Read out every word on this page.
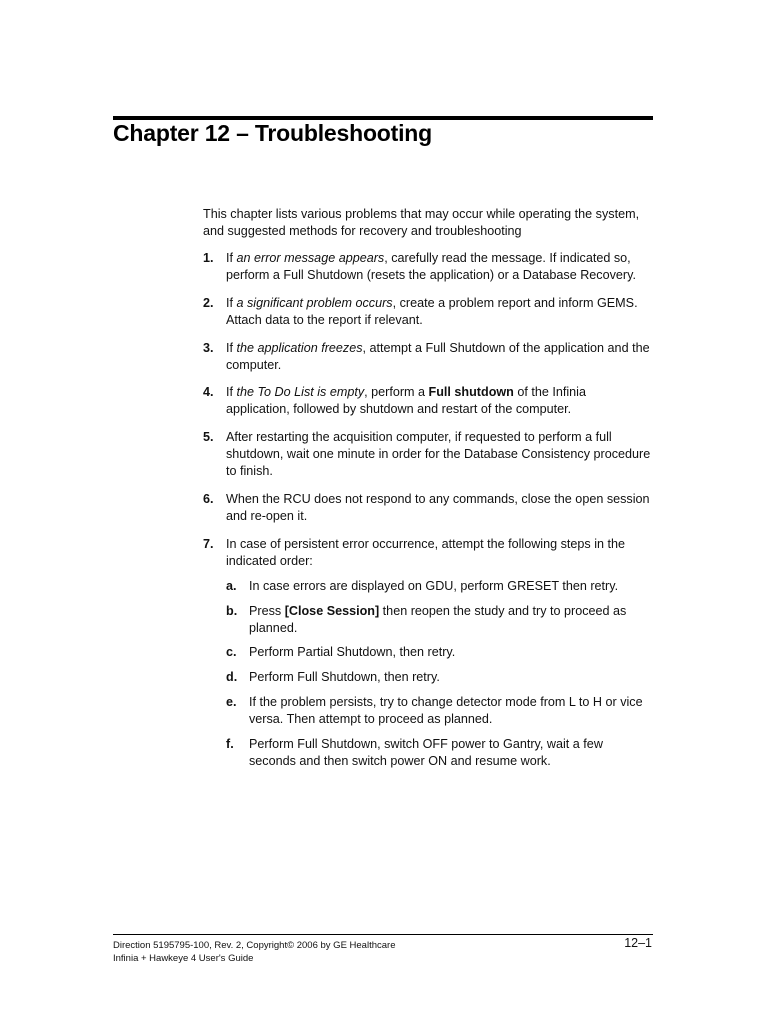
Chapter 12 – Troubleshooting

This chapter lists various problems that may occur while operating the system, and suggested methods for recovery and troubleshooting

1. If an error message appears, carefully read the message. If indicated so, perform a Full Shutdown (resets the application) or a Database Recovery.
2. If a significant problem occurs, create a problem report and inform GEMS. Attach data to the report if relevant.
3. If the application freezes, attempt a Full Shutdown of the application and the computer.
4. If the To Do List is empty, perform a Full shutdown of the Infinia application, followed by shutdown and restart of the computer.
5. After restarting the acquisition computer, if requested to perform a full shutdown, wait one minute in order for the Database Consistency procedure to finish.
6. When the RCU does not respond to any commands, close the open session and re-open it.
7. In case of persistent error occurrence, attempt the following steps in the indicated order:
a. In case errors are displayed on GDU, perform GRESET then retry.
b. Press [Close Session] then reopen the study and try to proceed as planned.
c. Perform Partial Shutdown, then retry.
d. Perform Full Shutdown, then retry.
e. If the problem persists, try to change detector mode from L to H or vice versa. Then attempt to proceed as planned.
f. Perform Full Shutdown, switch OFF power to Gantry, wait a few seconds and then switch power ON and resume work.
Direction 5195795-100, Rev. 2, Copyright© 2006 by GE Healthcare
Infinia + Hawkeye 4 User's Guide
12–1
